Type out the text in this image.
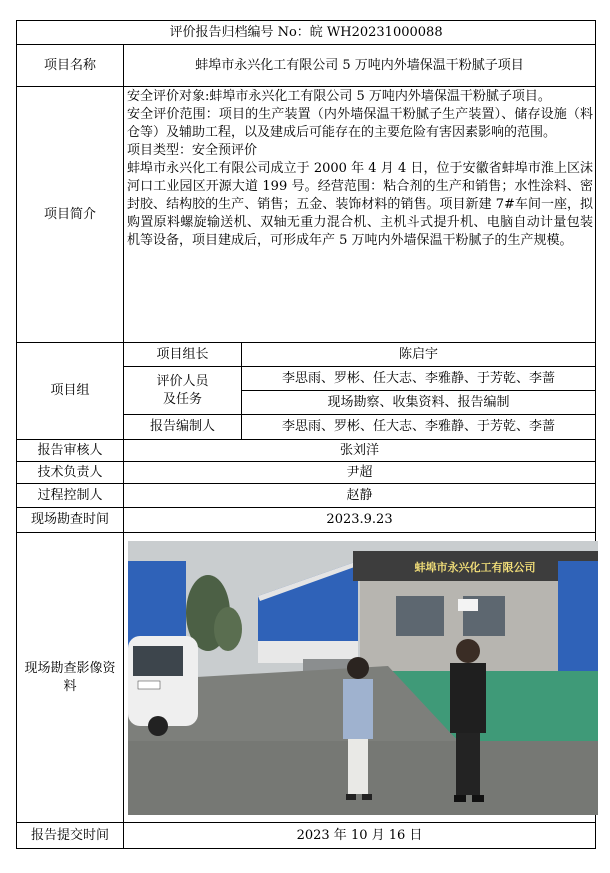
评价报告归档编号 No：皖 WH20231000088		
项目名称	蚌埠市永兴化工有限公司 5 万吨内外墙保温干粉腻子项目	
项目简介	安全评价对象:蚌埠市永兴化工有限公司 5 万吨内外墙保温干粉腻子项目。

安全评价范围：项目的生产装置（内外墙保温干粉腻子生产装置）、储存设施（料仓等）及辅助工程，以及建成后可能存在的主要危险有害因素影响的范围。

项目类型：安全预评价

蚌埠市永兴化工有限公司成立于 2000 年 4 月 4 日，位于安徽省蚌埠市淮上区沫河口工业园区开源大道 199 号。经营范围：粘合剂的生产和销售；水性涂料、密封胶、结构胶的生产、销售；五金、装饰材料的销售。项目新建 7#车间一座，拟购置原料螺旋输送机、双轴无重力混合机、主机斗式提升机、电脑自动计量包装机等设备，项目建成后，可形成年产 5 万吨内外墙保温干粉腻子的生产规模。	

项目组	项目组长	陈启宇

	评价人员
及任务	李思雨、罗彬、任大志、李雅静、于芳乾、李蔷
		现场勘察、收集资料、报告编制
	报告编制人	李思雨、罗彬、任大志、李雅静、于芳乾、李蔷
报告审核人	张刘洋	
技术负责人	尹超	
过程控制人	赵静	
现场勘查时间	2023.9.23	

现场勘查影像资
料	蚌埠市永兴化工有限公司	

报告提交时间	2023 年 10 月 16 日	
